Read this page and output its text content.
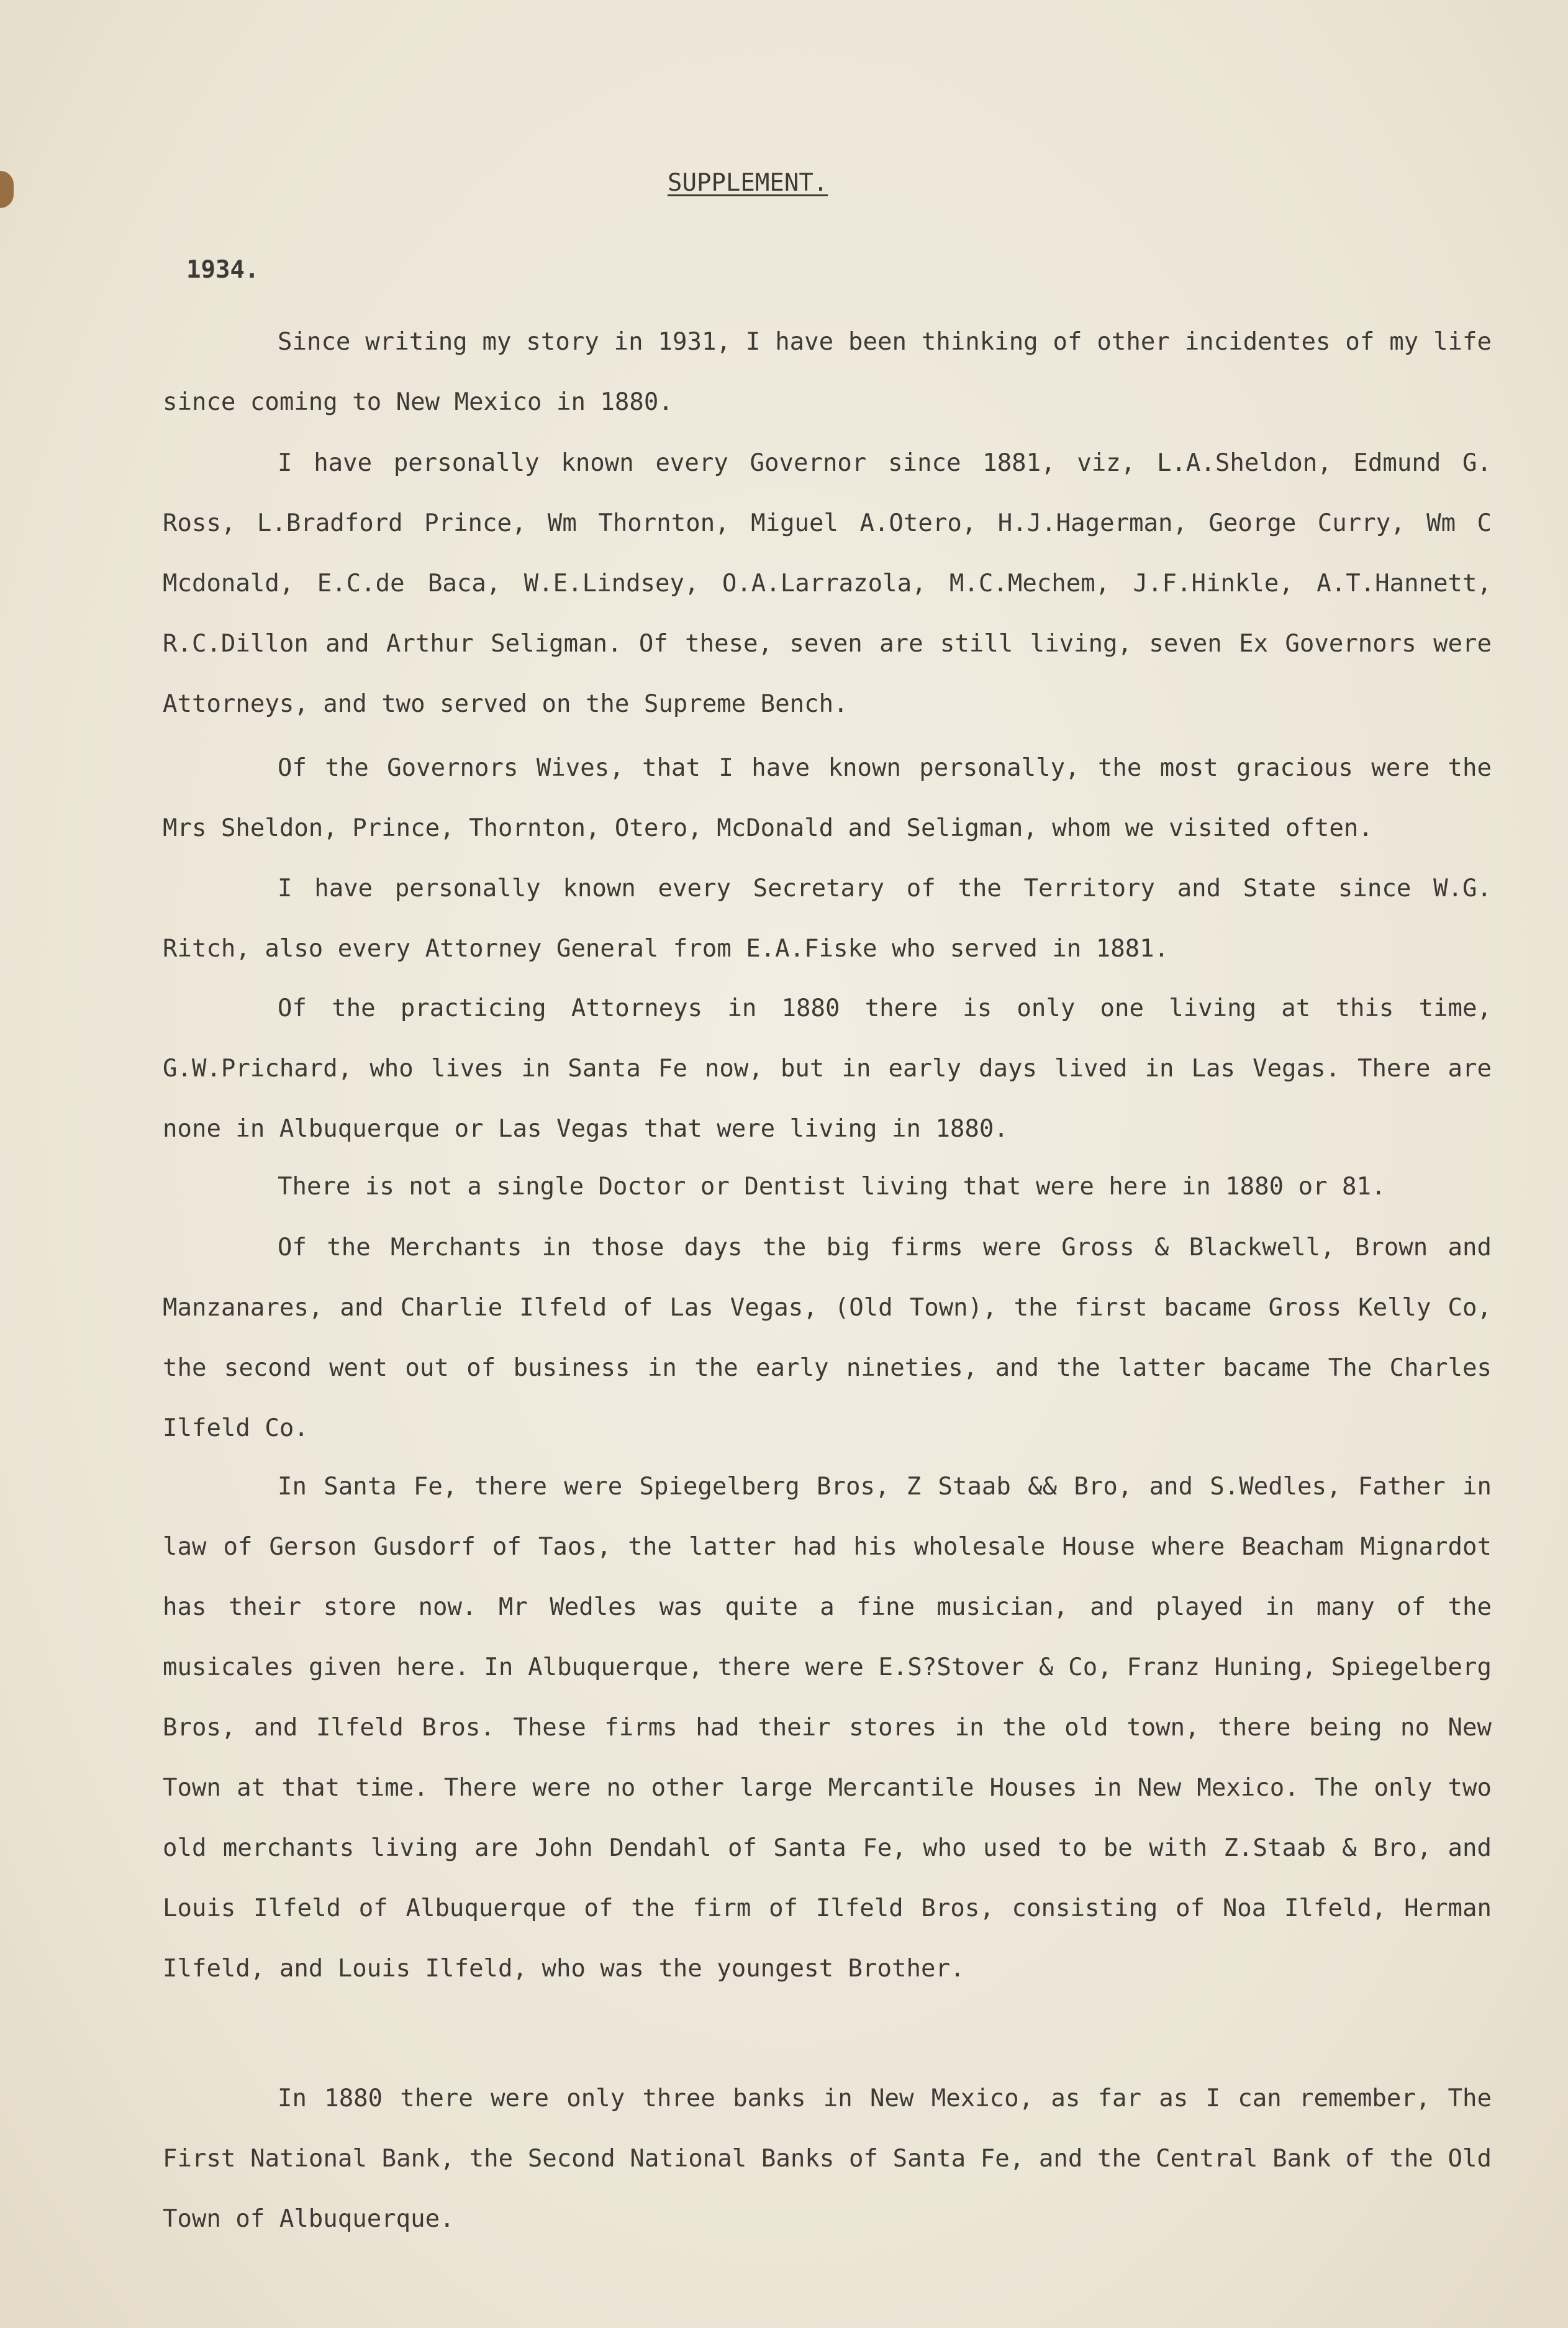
SUPPLEMENT.
1934.

Since writing my story in 1931, I have been thinking of other incidentes of my life since coming to New Mexico in 1880.

I have personally known every Governor since 1881, viz, L.A.Sheldon, Edmund G. Ross, L.Bradford Prince, Wm Thornton, Miguel A.Otero, H.J.Hagerman, George Curry, Wm C Mcdonald, E.C.de Baca, W.E.Lindsey, O.A.Larrazola, M.C.Mechem, J.F.Hinkle, A.T.Hannett, R.C.Dillon and Arthur Seligman. Of these, seven are still living, seven Ex Governors were Attorneys, and two served on the Supreme Bench.

Of the Governors Wives, that I have known personally, the most gracious were the Mrs Sheldon, Prince, Thornton, Otero, McDonald and Seligman, whom we visited often.

I have personally known every Secretary of the Territory and State since W.G. Ritch, also every Attorney General from E.A.Fiske who served in 1881.

Of the practicing Attorneys in 1880 there is only one living at this time, G.W.Prichard, who lives in Santa Fe now, but in early days lived in Las Vegas. There are none in Albuquerque or Las Vegas that were living in 1880.

There is not a single Doctor or Dentist living that were here in 1880 or 81.

Of the Merchants in those days the big firms were Gross & Blackwell, Brown and Manzanares, and Charlie Ilfeld of Las Vegas, (Old Town), the first bacame Gross Kelly Co, the second went out of business in the early nineties, and the latter bacame The Charles Ilfeld Co.

In Santa Fe, there were Spiegelberg Bros, Z Staab && Bro, and S.Wedles, Father in law of Gerson Gusdorf of Taos, the latter had his wholesale House where Beacham Mignardot has their store now. Mr Wedles was quite a fine musician, and played in many of the musicales given here. In Albuquerque, there were E.S?Stover & Co, Franz Huning, Spiegelberg Bros, and Ilfeld Bros. These firms had their stores in the old town, there being no New Town at that time. There were no other large Mercantile Houses in New Mexico. The only two old merchants living are John Dendahl of Santa Fe, who used to be with Z.Staab & Bro, and Louis Ilfeld of Albuquerque of the firm of Ilfeld Bros, consisting of Noa Ilfeld, Herman Ilfeld, and Louis Ilfeld, who was the youngest Brother.

In 1880 there were only three banks in New Mexico, as far as I can remember, The First National Bank, the Second National Banks of Santa Fe, and the Central Bank of the Old Town of Albuquerque.
